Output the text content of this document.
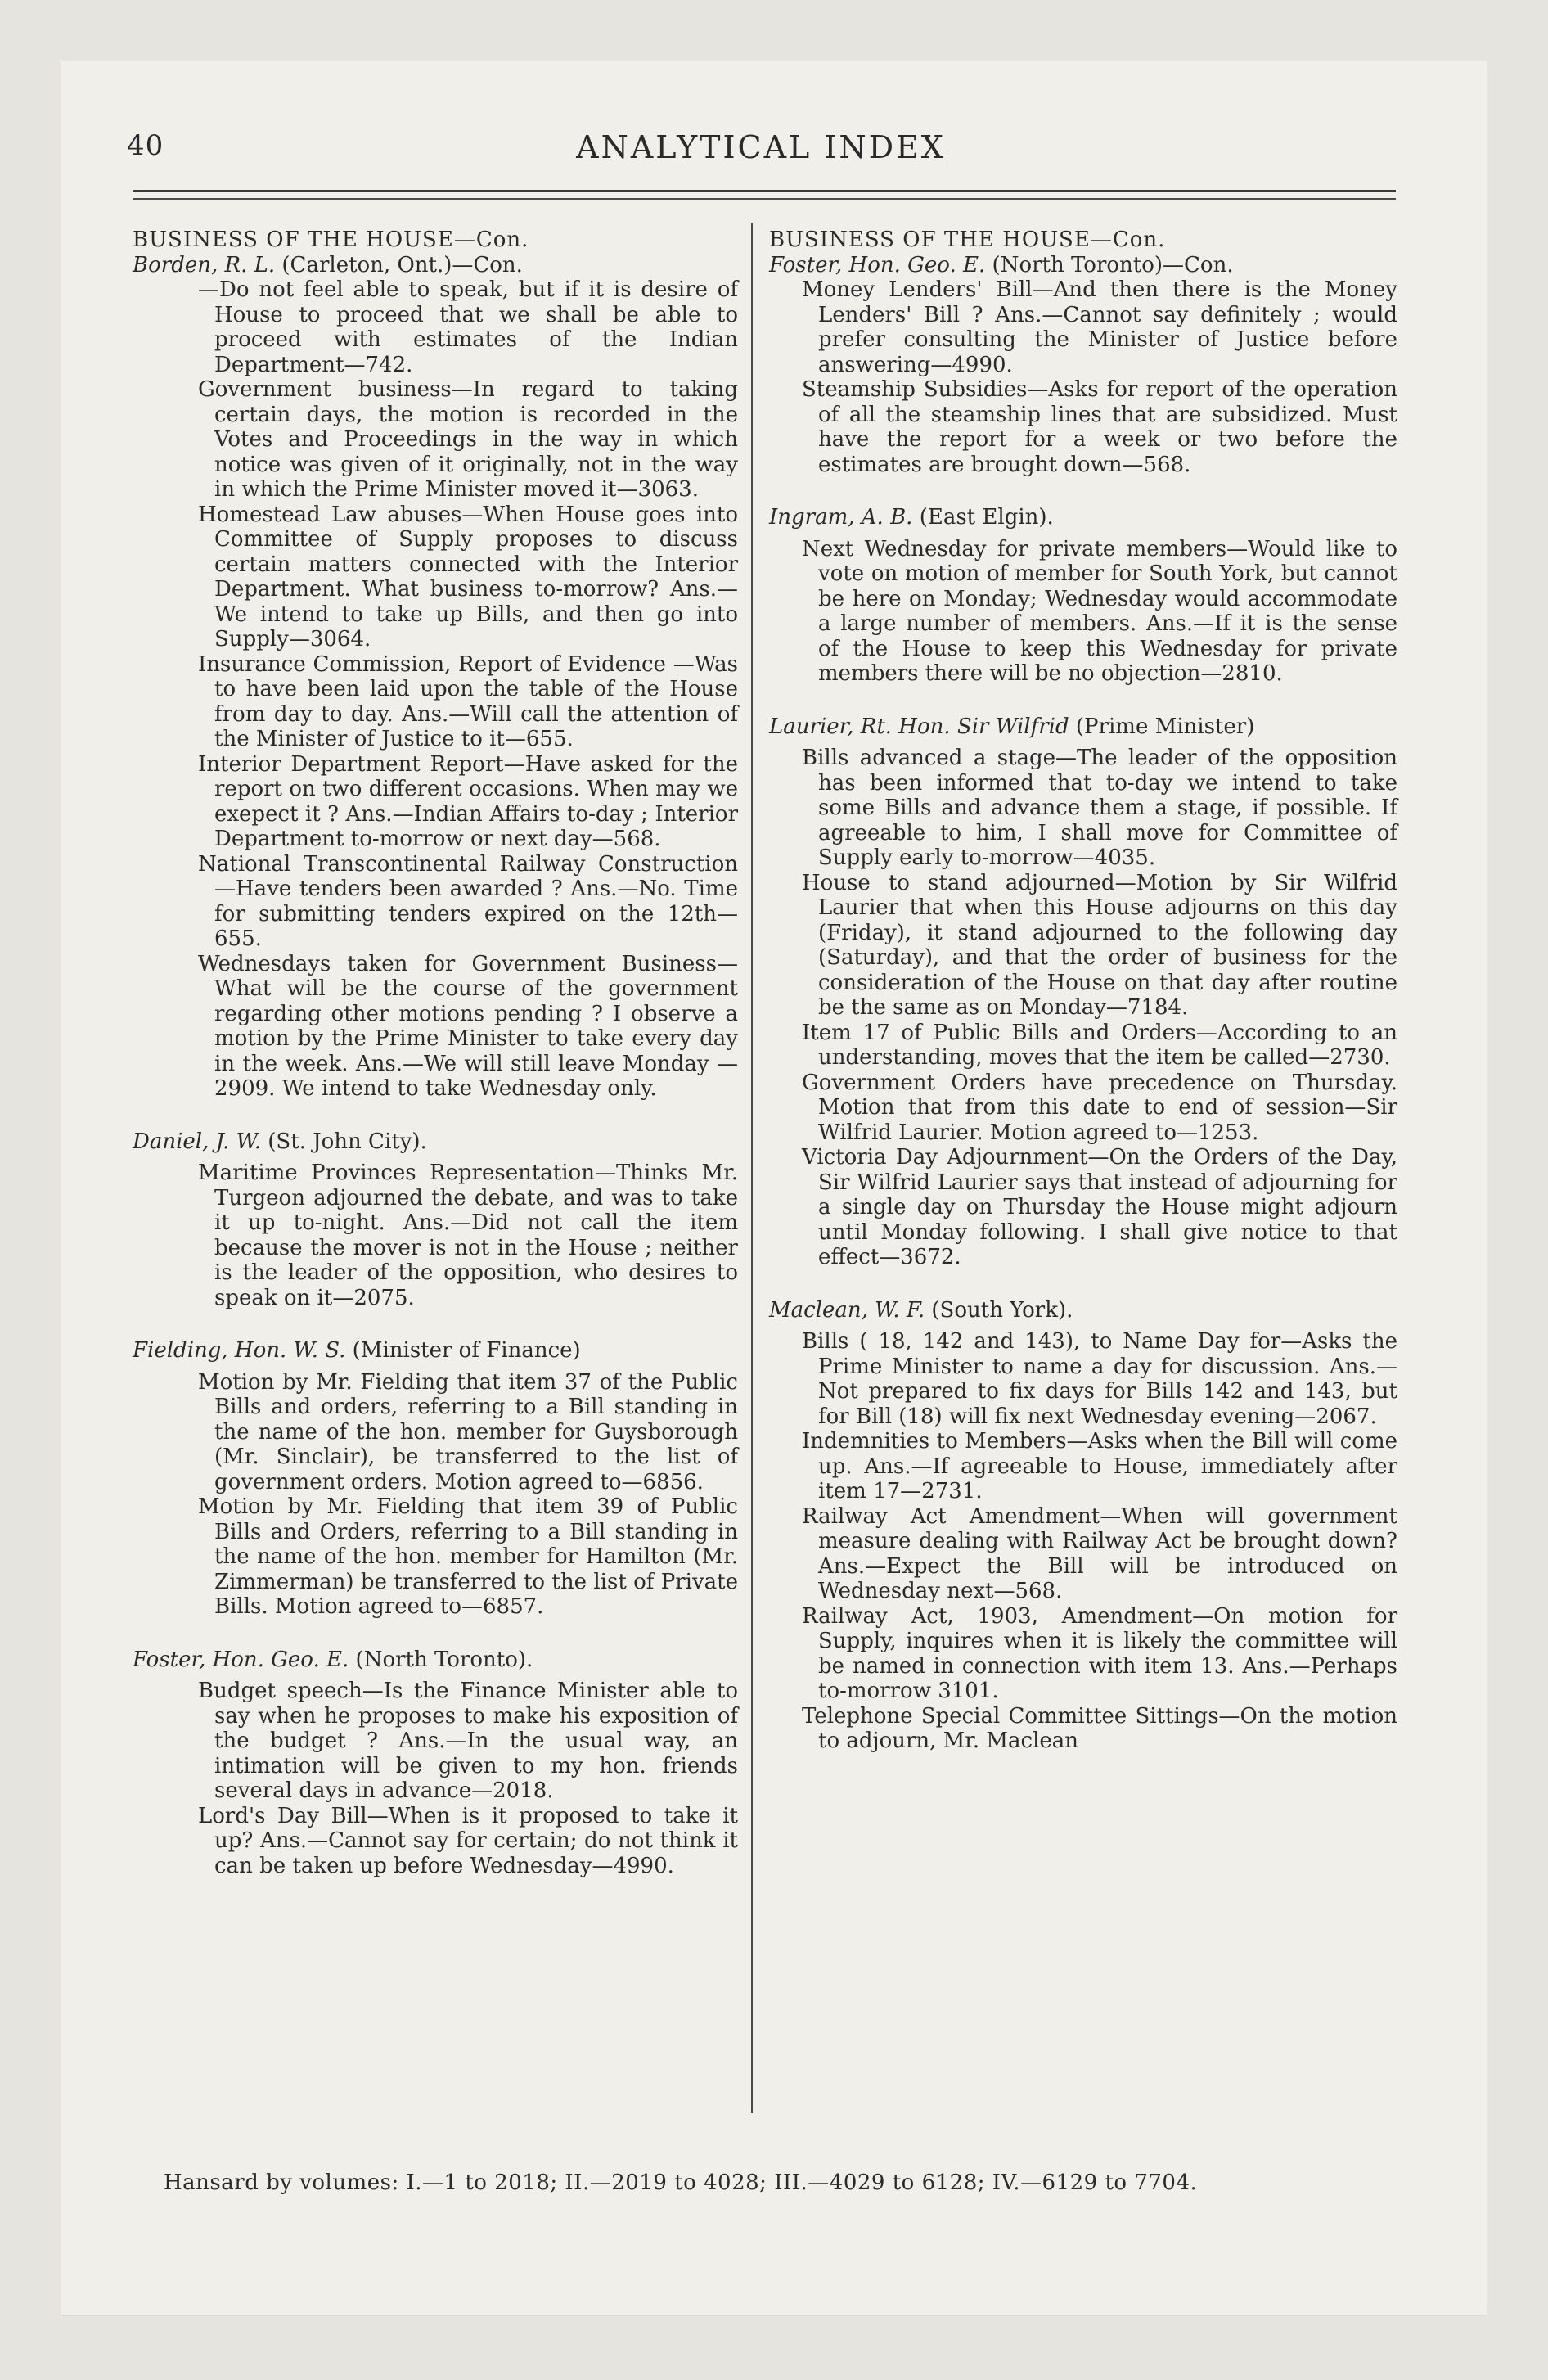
40	ANALYTICAL INDEX
BUSINESS OF THE HOUSE—Con.
Borden, R. L. (Carleton, Ont.)—Con.
—Do not feel able to speak, but if it is desire of House to proceed that we shall be able to proceed with estimates of the Indian Department—742.
Government business—In regard to taking certain days, the motion is recorded in the Votes and Proceedings in the way in which notice was given of it originally, not in the way in which the Prime Minister moved it—3063.
Homestead Law abuses—When House goes into Committee of Supply proposes to discuss certain matters connected with the Interior Department. What business to-morrow? Ans.—We intend to take up Bills, and then go into Supply—3064.
Insurance Commission, Report of Evidence —Was to have been laid upon the table of the House from day to day. Ans.—Will call the attention of the Minister of Justice to it—655.
Interior Department Report—Have asked for the report on two different occasions. When may we exepect it ? Ans.—Indian Affairs to-day ; Interior Department to-morrow or next day—568.
National Transcontinental Railway Construction—Have tenders been awarded ? Ans.—No. Time for submitting tenders expired on the 12th—655.
Wednesdays taken for Government Business—What will be the course of the government regarding other motions pending ? I observe a motion by the Prime Minister to take every day in the week. Ans.—We will still leave Monday —2909. We intend to take Wednesday only.
Daniel, J. W. (St. John City).
Maritime Provinces Representation—Thinks Mr. Turgeon adjourned the debate, and was to take it up to-night. Ans.—Did not call the item because the mover is not in the House ; neither is the leader of the opposition, who desires to speak on it—2075.
Fielding, Hon. W. S. (Minister of Finance)
Motion by Mr. Fielding that item 37 of the Public Bills and orders, referring to a Bill standing in the name of the hon. member for Guysborough (Mr. Sinclair), be transferred to the list of government orders. Motion agreed to—6856.
Motion by Mr. Fielding that item 39 of Public Bills and Orders, referring to a Bill standing in the name of the hon. member for Hamilton (Mr. Zimmerman) be transferred to the list of Private Bills. Motion agreed to—6857.
Foster, Hon. Geo. E. (North Toronto).
Budget speech—Is the Finance Minister able to say when he proposes to make his exposition of the budget ? Ans.—In the usual way, an intimation will be given to my hon. friends several days in advance—2018.
Lord's Day Bill—When is it proposed to take it up? Ans.—Cannot say for certain; do not think it can be taken up before Wednesday—4990.
BUSINESS OF THE HOUSE—Con.
Foster, Hon. Geo. E. (North Toronto)—Con.
Money Lenders' Bill—And then there is the Money Lenders' Bill ? Ans.—Cannot say definitely ; would prefer consulting the Minister of Justice before answering—4990.
Steamship Subsidies—Asks for report of the operation of all the steamship lines that are subsidized. Must have the report for a week or two before the estimates are brought down—568.
Ingram, A. B. (East Elgin).
Next Wednesday for private members—Would like to vote on motion of member for South York, but cannot be here on Monday; Wednesday would accommodate a large number of members. Ans.—If it is the sense of the House to keep this Wednesday for private members there will be no objection—2810.
Laurier, Rt. Hon. Sir Wilfrid (Prime Minister)
Bills advanced a stage—The leader of the opposition has been informed that to-day we intend to take some Bills and advance them a stage, if possible. If agreeable to him, I shall move for Committee of Supply early to-morrow—4035.
House to stand adjourned—Motion by Sir Wilfrid Laurier that when this House adjourns on this day (Friday), it stand adjourned to the following day (Saturday), and that the order of business for the consideration of the House on that day after routine be the same as on Monday—7184.
Item 17 of Public Bills and Orders—According to an understanding, moves that the item be called—2730.
Government Orders have precedence on Thursday. Motion that from this date to end of session—Sir Wilfrid Laurier. Motion agreed to—1253.
Victoria Day Adjournment—On the Orders of the Day, Sir Wilfrid Laurier says that instead of adjourning for a single day on Thursday the House might adjourn until Monday following. I shall give notice to that effect—3672.
Maclean, W. F. (South York).
Bills ( 18, 142 and 143), to Name Day for—Asks the Prime Minister to name a day for discussion. Ans.—Not prepared to fix days for Bills 142 and 143, but for Bill (18) will fix next Wednesday evening—2067.
Indemnities to Members—Asks when the Bill will come up. Ans.—If agreeable to House, immediately after item 17—2731.
Railway Act Amendment—When will government measure dealing with Railway Act be brought down? Ans.—Expect the Bill will be introduced on Wednesday next—568.
Railway Act, 1903, Amendment—On motion for Supply, inquires when it is likely the committee will be named in connection with item 13. Ans.—Perhaps to-morrow 3101.
Telephone Special Committee Sittings—On the motion to adjourn, Mr. Maclean
Hansard by volumes: I.—1 to 2018; II.—2019 to 4028; III.—4029 to 6128; IV.—6129 to 7704.
